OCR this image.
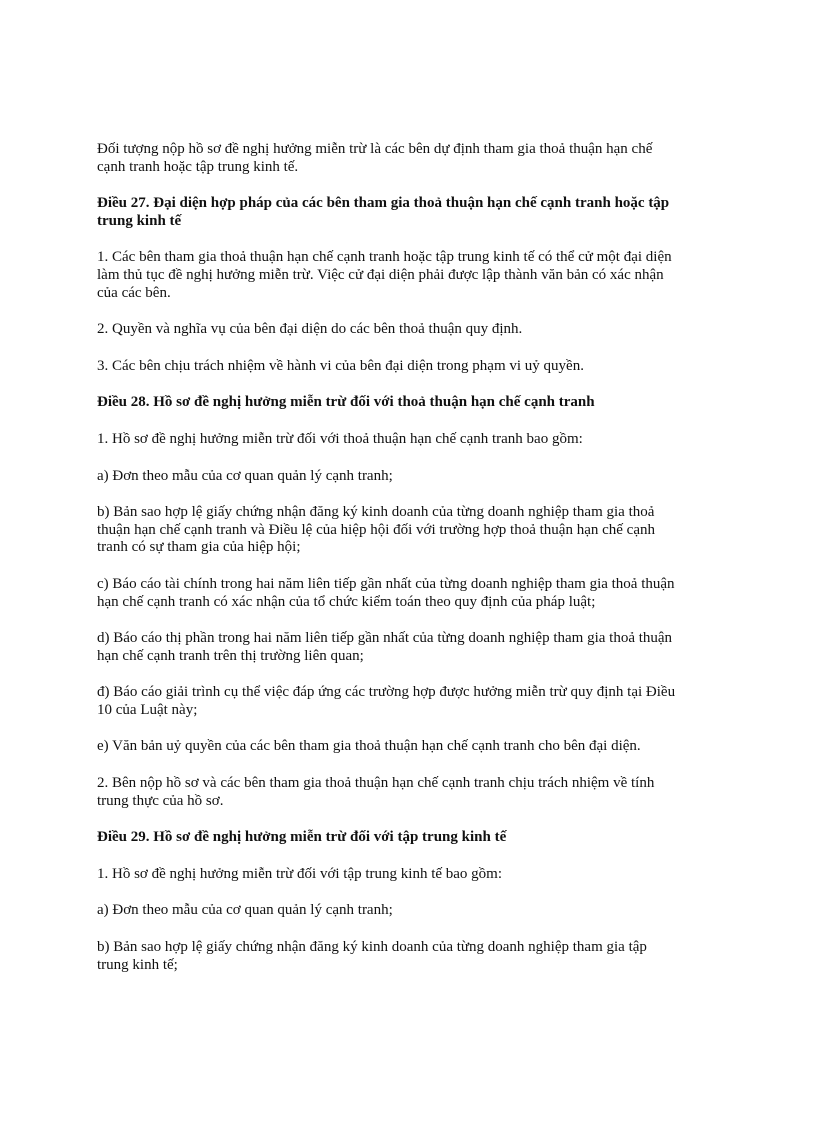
Đối tượng nộp hồ sơ đề nghị hưởng miễn trừ là các bên dự định tham gia thoả thuận hạn chế
cạnh tranh hoặc tập trung kinh tế.

Điều 27. Đại diện hợp pháp của các bên tham gia thoả thuận hạn chế cạnh tranh hoặc tập
trung kinh tế

1. Các bên tham gia thoả thuận hạn chế cạnh tranh hoặc tập trung kinh tế có thể cử một đại diện
làm thủ tục đề nghị hưởng miễn trừ. Việc cử đại diện phải được lập thành văn bản có xác nhận
của các bên.

2. Quyền và nghĩa vụ của bên đại diện do các bên thoả thuận quy định.

3. Các bên chịu trách nhiệm về hành vi của bên đại diện trong phạm vi uỷ quyền.

Điều 28. Hồ sơ đề nghị hưởng miễn trừ đối với thoả thuận hạn chế cạnh tranh

1. Hồ sơ đề nghị hưởng miễn trừ đối với thoả thuận hạn chế cạnh tranh bao gồm:

a) Đơn theo mẫu của cơ quan quản lý cạnh tranh;

b) Bản sao hợp lệ giấy chứng nhận đăng ký kinh doanh của từng doanh nghiệp tham gia thoả
thuận hạn chế cạnh tranh và Điều lệ của hiệp hội đối với trường hợp thoả thuận hạn chế cạnh
tranh có sự tham gia của hiệp hội;

c) Báo cáo tài chính trong hai năm liên tiếp gần nhất của từng doanh nghiệp tham gia thoả thuận
hạn chế cạnh tranh có xác nhận của tổ chức kiểm toán theo quy định của pháp luật;

d) Báo cáo thị phần trong hai năm liên tiếp gần nhất của từng doanh nghiệp tham gia thoả thuận
hạn chế cạnh tranh trên thị trường liên quan;

đ) Báo cáo giải trình cụ thể việc đáp ứng các trường hợp được hưởng miễn trừ quy định tại Điều
10 của Luật này;

e) Văn bản uỷ quyền của các bên tham gia thoả thuận hạn chế cạnh tranh cho bên đại diện.

2. Bên nộp hồ sơ và các bên tham gia thoả thuận hạn chế cạnh tranh chịu trách nhiệm về tính
trung thực của hồ sơ.

Điều 29. Hồ sơ đề nghị hưởng miễn trừ đối với tập trung kinh tế

1. Hồ sơ đề nghị hưởng miễn trừ đối với tập trung kinh tế bao gồm:

a) Đơn theo mẫu của cơ quan quản lý cạnh tranh;

b) Bản sao hợp lệ giấy chứng nhận đăng ký kinh doanh của từng doanh nghiệp tham gia tập
trung kinh tế;
